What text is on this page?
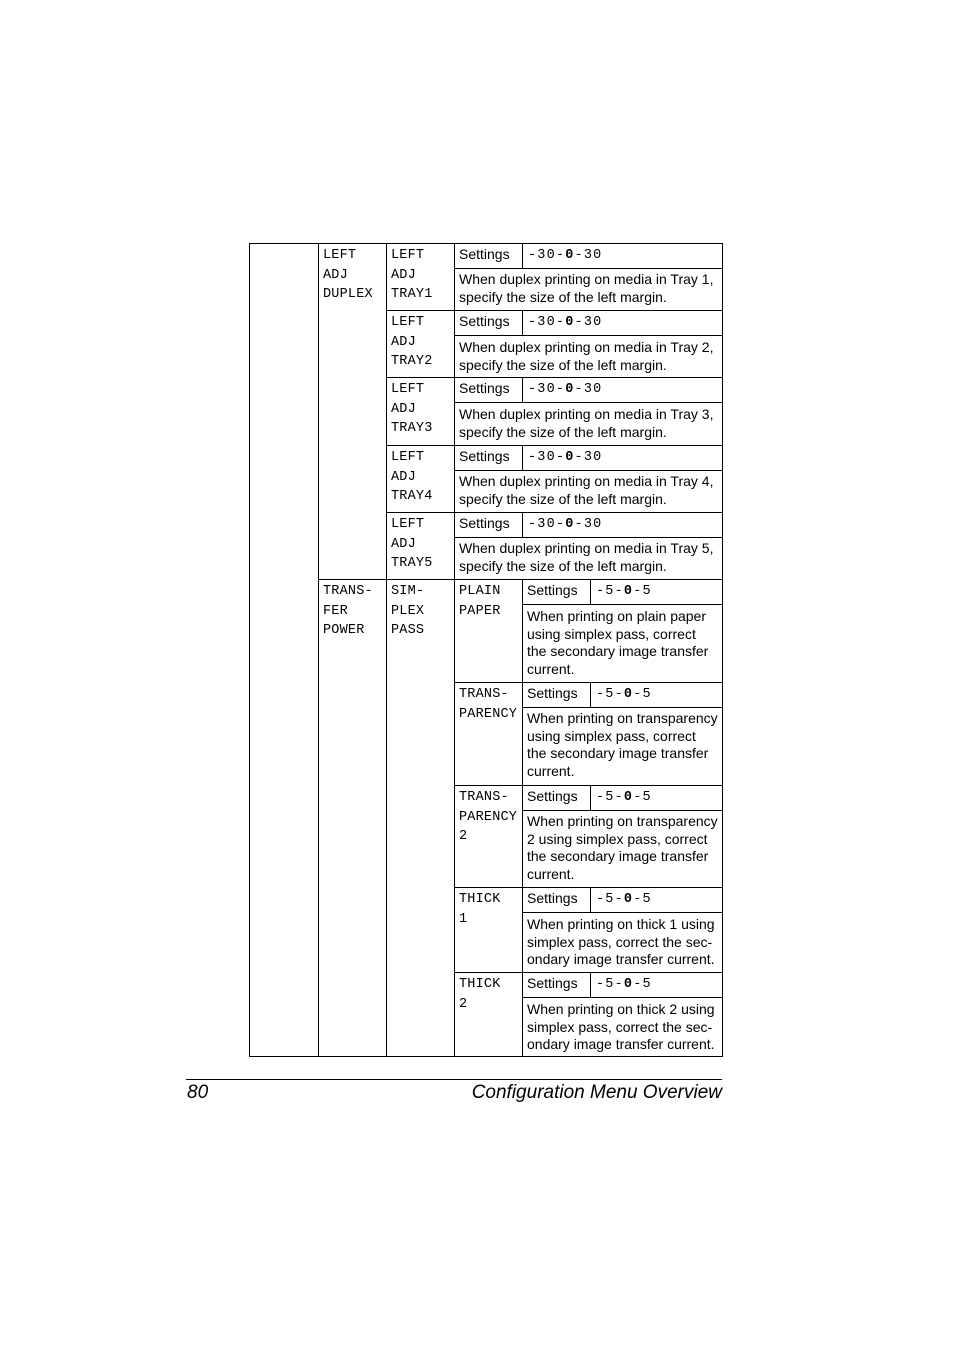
LEFT
ADJ
DUPLEX
LEFT
ADJ
TRAY1
Settings -30-0-30
When duplex printing on media in Tray 1,
specify the size of the left margin.
LEFT
ADJ
TRAY2
Settings -30-0-30
When duplex printing on media in Tray 2,
specify the size of the left margin.
LEFT
ADJ
TRAY3
Settings -30-0-30
When duplex printing on media in Tray 3,
specify the size of the left margin.
LEFT
ADJ
TRAY4
Settings -30-0-30
When duplex printing on media in Tray 4,
specify the size of the left margin.
LEFT
ADJ
TRAY5
Settings -30-0-30
When duplex printing on media in Tray 5,
specify the size of the left margin.
TRANS-
FER
POWER
SIM-
PLEX
PASS
PLAIN
PAPER
Settings -5-0-5
When printing on plain paper
using simplex pass, correct
the secondary image transfer
current.
TRANS-
PARENCY
Settings -5-0-5
When printing on transparency
using simplex pass, correct
the secondary image transfer
current.
TRANS-
PARENCY
2
Settings -5-0-5
When printing on transparency
2 using simplex pass, correct
the secondary image transfer
current.
THICK
1
Settings -5-0-5
When printing on thick 1 using
simplex pass, correct the sec-
ondary image transfer current.
THICK
2
Settings -5-0-5
When printing on thick 2 using
simplex pass, correct the sec-
ondary image transfer current.
80	Configuration Menu Overview
